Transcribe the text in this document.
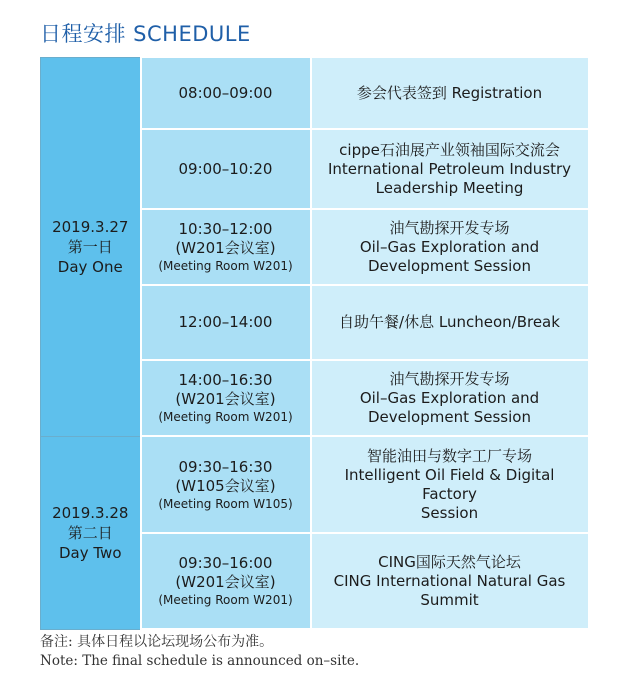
日程安排 SCHEDULE
2019.3.27
第一日
Day One	08:00–09:00	参会代表签到 Registration

	09:00–10:20	cippe石油展产业领袖国际交流会
International Petroleum Industry
Leadership Meeting

	10:30–12:00
(W201会议室)
(Meeting Room W201)	油气勘探开发专场
Oil–Gas Exploration and
Development Session

	12:00–14:00	自助午餐/休息 Luncheon/Break

	14:00–16:30
(W201会议室)
(Meeting Room W201)	油气勘探开发专场
Oil–Gas Exploration and
Development Session

2019.3.28
第二日
Day Two	09:30–16:30
(W105会议室)
(Meeting Room W105)	智能油田与数字工厂专场
Intelligent Oil Field & Digital Factory
Session

	09:30–16:00
(W201会议室)
(Meeting Room W201)	CING国际天然气论坛
CING International Natural Gas
Summit
备注: 具体日程以论坛现场公布为准。
Note: The final schedule is announced on–site.
